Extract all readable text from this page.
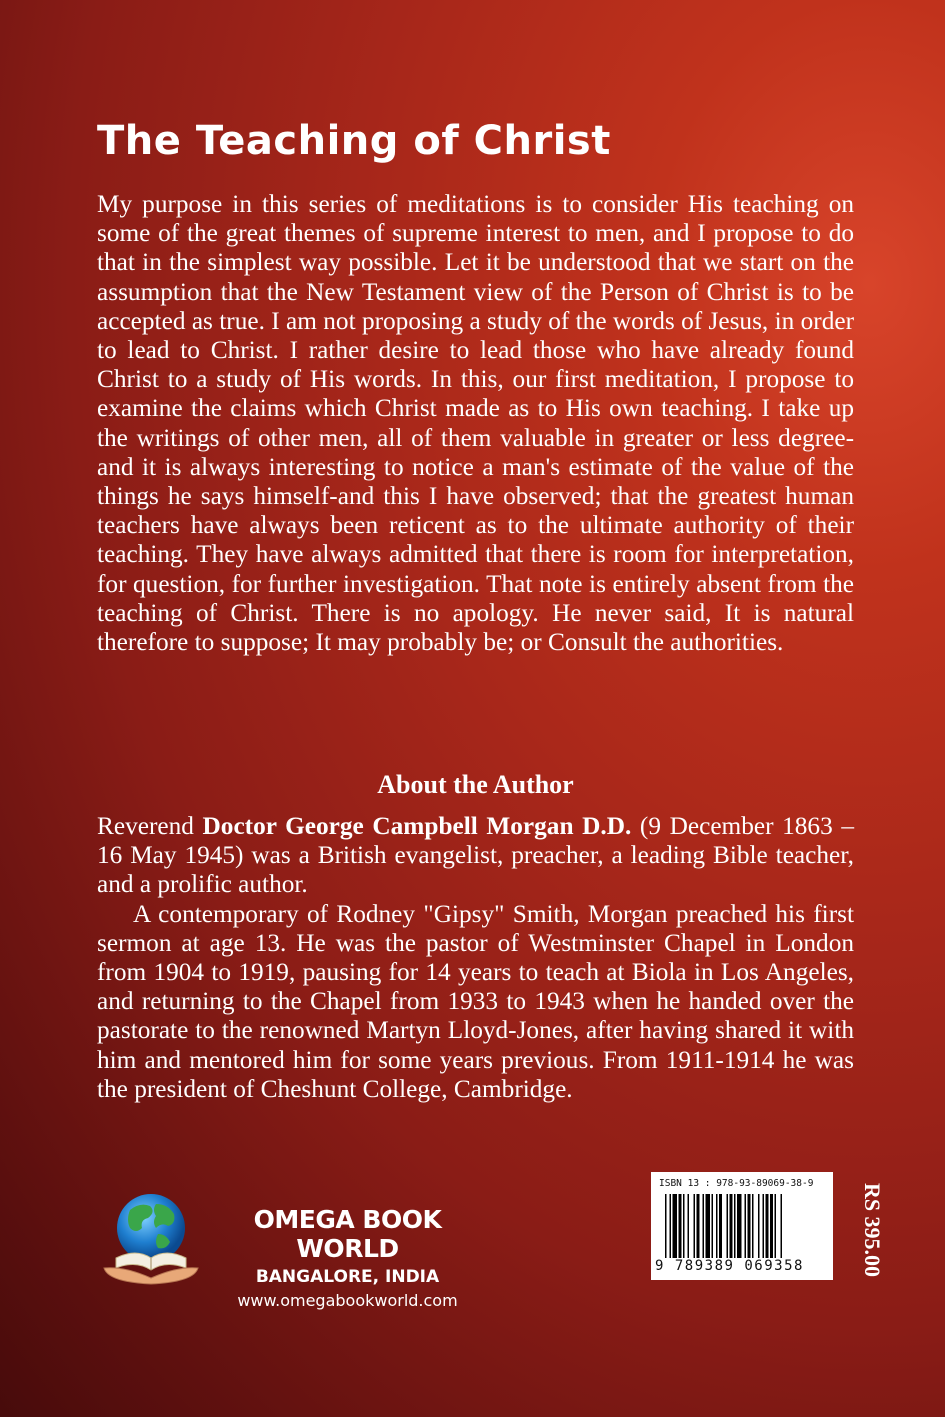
The Teaching of Christ

My purpose in this series of meditations is to consider His teaching on some of the great themes of supreme interest to men, and I propose to do that in the simplest way possible. Let it be understood that we start on the assumption that the New Testament view of the Person of Christ is to be accepted as true. I am not proposing a study of the words of Jesus, in order to lead to Christ. I rather desire to lead those who have already found Christ to a study of His words. In this, our first meditation, I propose to examine the claims which Christ made as to His own teaching. I take up the writings of other men, all of them valuable in greater or less degree-and it is always interesting to notice a man's estimate of the value of the things he says himself-and this I have observed; that the greatest human teachers have always been reticent as to the ultimate authority of their teaching. They have always admitted that there is room for interpretation, for question, for further investigation. That note is entirely absent from the teaching of Christ. There is no apology. He never said, It is natural therefore to suppose; It may probably be; or Consult the authorities.

About the Author

Reverend Doctor George Campbell Morgan D.D. (9 December 1863 – 16 May 1945) was a British evangelist, preacher, a leading Bible teacher, and a prolific author.

A contemporary of Rodney "Gipsy" Smith, Morgan preached his first sermon at age 13. He was the pastor of Westminster Chapel in London from 1904 to 1919, pausing for 14 years to teach at Biola in Los Angeles, and returning to the Chapel from 1933 to 1943 when he handed over the pastorate to the renowned Martyn Lloyd-Jones, after having shared it with him and mentored him for some years previous. From 1911-1914 he was the president of Cheshunt College, Cambridge.

OMEGA BOOK WORLD
BANGALORE, INDIA
www.omegabookworld.com
ISBN 13 : 978-93-89069-38-9
9 789389 069358	RS 395.00
